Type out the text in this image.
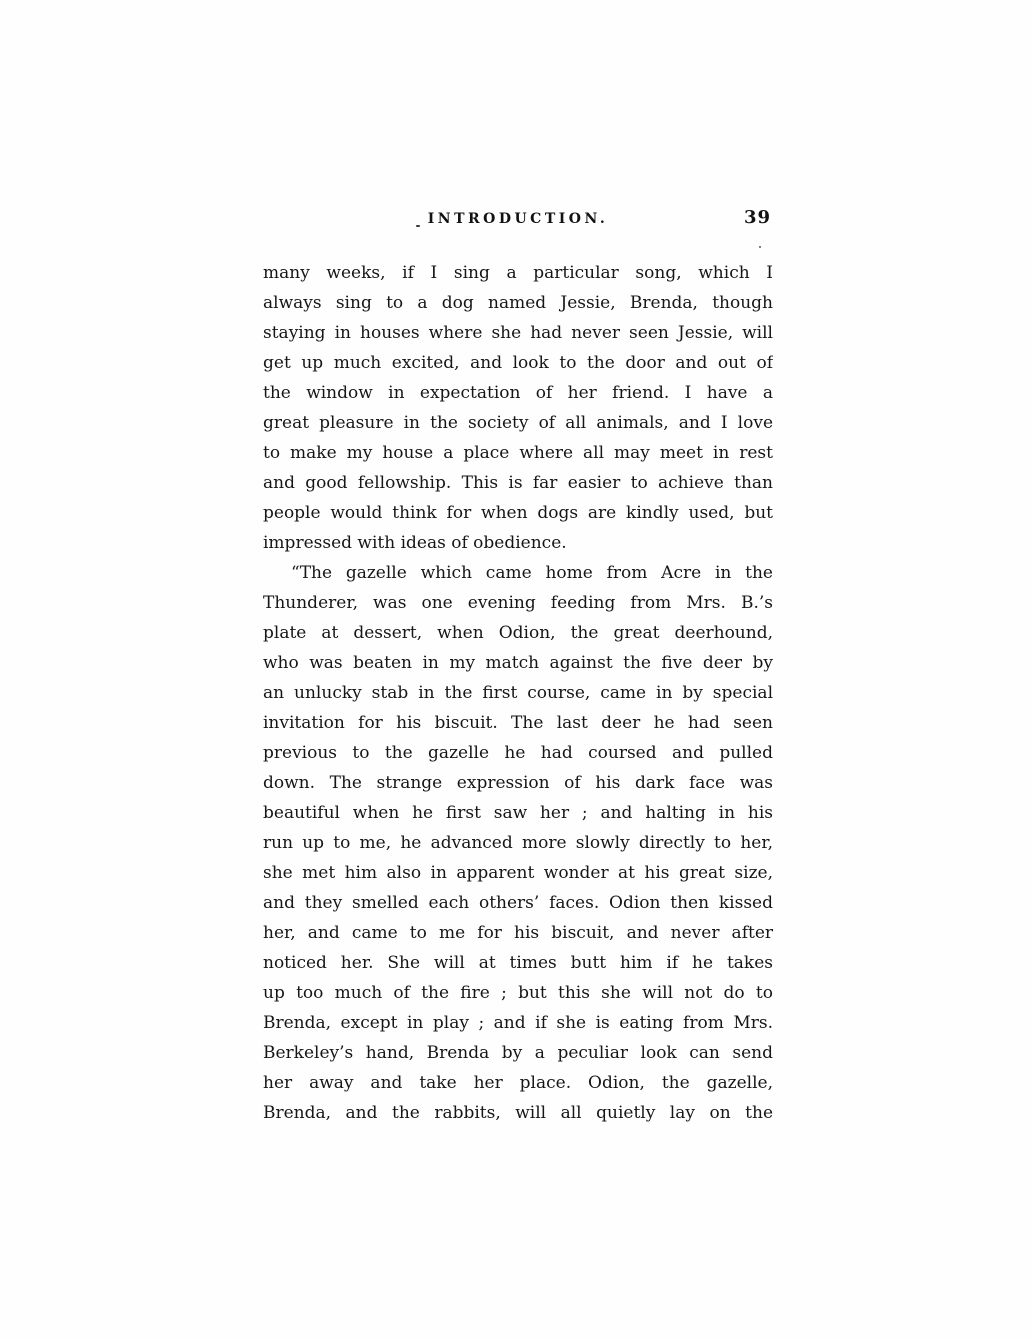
INTRODUCTION.	39
many weeks, if I sing a particular song, which I
always sing to a dog named Jessie, Brenda, though
staying in houses where she had never seen Jessie, will
get up much excited, and look to the door and out of
the window in expectation of her friend. I have a
great pleasure in the society of all animals, and I love
to make my house a place where all may meet in rest
and good fellowship. This is far easier to achieve than
people would think for when dogs are kindly used, but
impressed with ideas of obedience.
“The gazelle which came home from Acre in the
Thunderer, was one evening feeding from Mrs. B.’s
plate at dessert, when Odion, the great deerhound,
who was beaten in my match against the five deer by
an unlucky stab in the first course, came in by special
invitation for his biscuit. The last deer he had seen
previous to the gazelle he had coursed and pulled
down. The strange expression of his dark face was
beautiful when he first saw her ; and halting in his
run up to me, he advanced more slowly directly to her,
she met him also in apparent wonder at his great size,
and they smelled each others’ faces. Odion then kissed
her, and came to me for his biscuit, and never after
noticed her. She will at times butt him if he takes
up too much of the fire ; but this she will not do to
Brenda, except in play ; and if she is eating from Mrs.
Berkeley’s hand, Brenda by a peculiar look can send
her away and take her place. Odion, the gazelle,
Brenda, and the rabbits, will all quietly lay on the
